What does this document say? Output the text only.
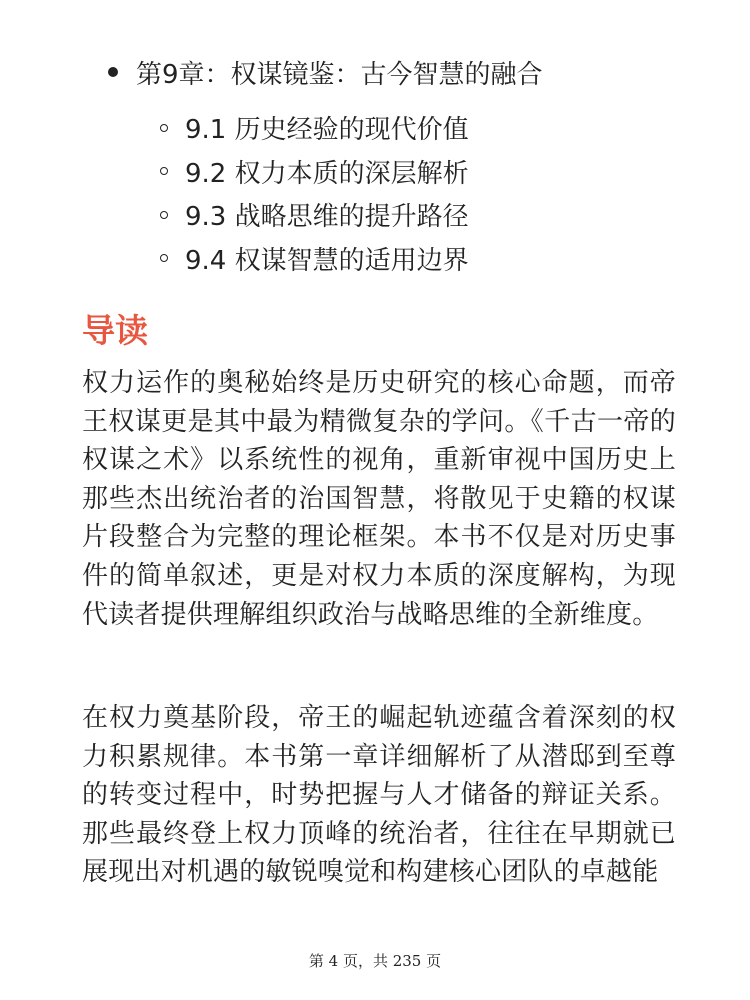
第9章：权谋镜鉴：古今智慧的融合
9.1 历史经验的现代价值
9.2 权力本质的深层解析
9.3 战略思维的提升路径
9.4 权谋智慧的适用边界
导读

权力运作的奥秘始终是历史研究的核心命题，而帝王权谋更是其中最为精微复杂的学问。《千古一帝的权谋之术》以系统性的视角，重新审视中国历史上那些杰出统治者的治国智慧，将散见于史籍的权谋片段整合为完整的理论框架。本书不仅是对历史事件的简单叙述，更是对权力本质的深度解构，为现代读者提供理解组织政治与战略思维的全新维度。

在权力奠基阶段，帝王的崛起轨迹蕴含着深刻的权力积累规律。本书第一章详细解析了从潜邸到至尊的转变过程中，时势把握与人才储备的辩证关系。那些最终登上权力顶峰的统治者，往往在早期就已展现出对机遇的敏锐嗅觉和构建核心团队的卓越能

第 4 页，共 235 页
